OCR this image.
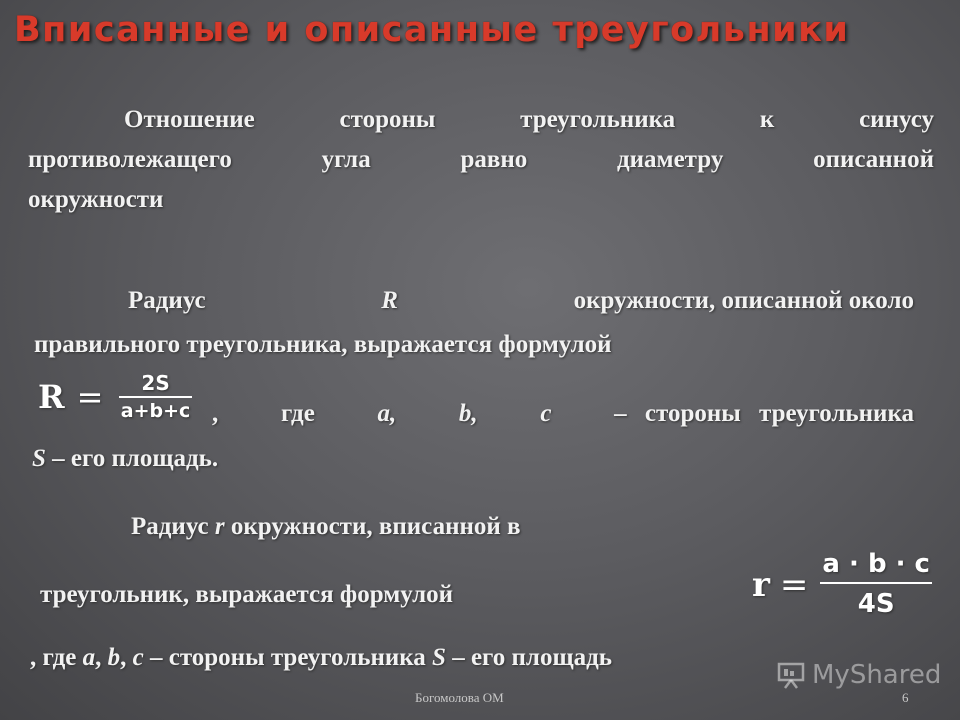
Вписанные и описанные треугольники
Отношение стороны треугольника к синусу
противолежащего угла равно диаметру описанной
окружности
Радиус	R	окружности, описанной около
правильного треугольника, выражается формулой
$R = \frac{2S}{a+b+c}$ ,	где	a,	b,	c	– стороны треугольника
S – его площадь.
Радиус r окружности, вписанной в
треугольник, выражается формулой	$r = \frac{a \cdot b \cdot c}{4S}$
, где a, b, c – стороны треугольника S – его площадь
MyShared
Богомолова ОМ	6
